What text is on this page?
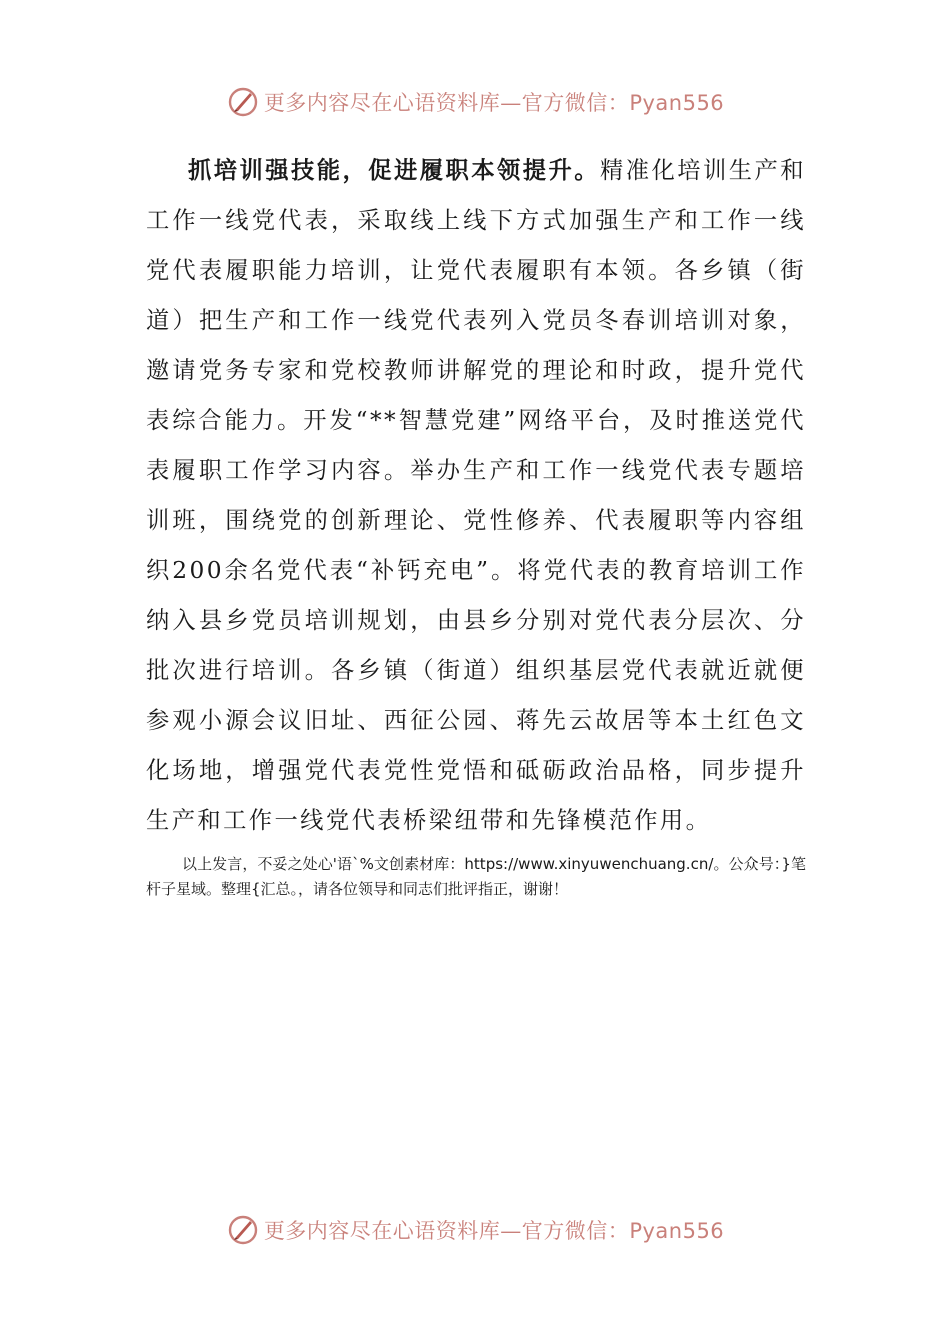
更多内容尽在心语资料库—官方微信：Pyan556
抓培训强技能，促进履职本领提升。精准化培训生产和工作一线党代表，采取线上线下方式加强生产和工作一线党代表履职能力培训，让党代表履职有本领。各乡镇（街道）把生产和工作一线党代表列入党员冬春训培训对象，邀请党务专家和党校教师讲解党的理论和时政，提升党代表综合能力。开发“**智慧党建”网络平台，及时推送党代表履职工作学习内容。举办生产和工作一线党代表专题培训班，围绕党的创新理论、党性修养、代表履职等内容组织200余名党代表“补钙充电”。将党代表的教育培训工作纳入县乡党员培训规划，由县乡分别对党代表分层次、分批次进行培训。各乡镇（街道）组织基层党代表就近就便参观小源会议旧址、西征公园、蒋先云故居等本土红色文化场地，增强党代表党性党悟和砥砺政治品格，同步提升生产和工作一线党代表桥梁纽带和先锋模范作用。
以上发言，不妥之处心'语`%文创素材库：https://www.xinyuwenchuang.cn/。公众号：}笔杆子星域。整理{汇总。，请各位领导和同志们批评指正，谢谢！
更多内容尽在心语资料库—官方微信：Pyan556
